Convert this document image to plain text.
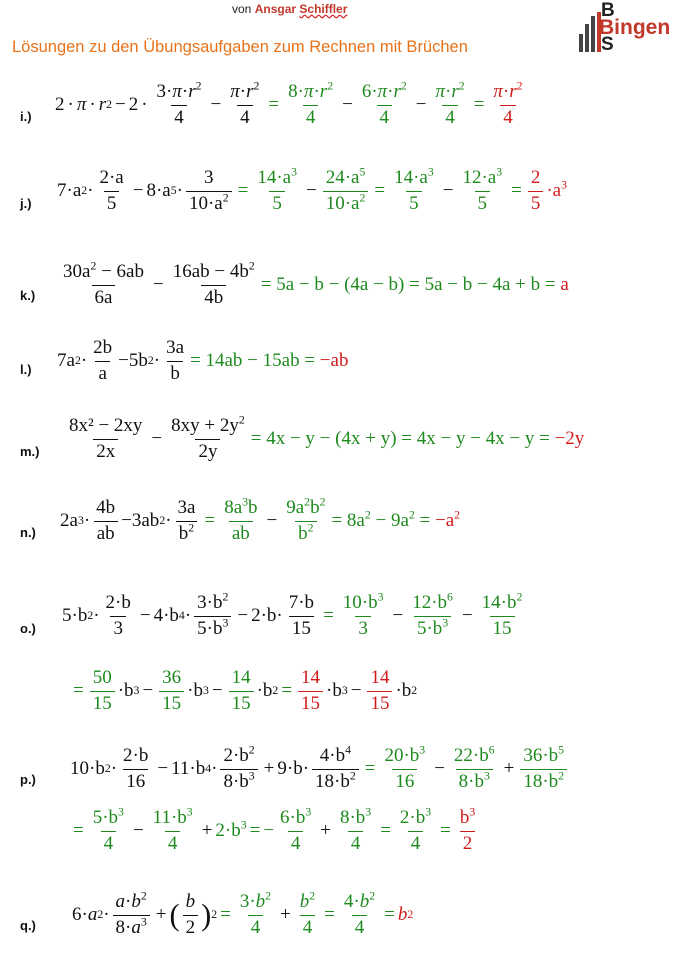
von Ansgar Schiffler
Lösungen zu den Übungsaufgaben zum Rechnen mit Brüchen
B
Bingen
S
i.)
2 · π · r $2 - 2 \cdot \frac{3\cdot\pi\cdot r^2}{4} - \frac{\pi\cdot r^2}{4} = \frac{8\cdot\pi\cdot r^2}{4} - \frac{6\cdot\pi\cdot r^2}{4} - \frac{\pi\cdot r^2}{4} = \frac{\pi\cdot r^2}{4}$
j.)
7·a $2 \cdot \frac{2\cdot a}{5} - 8\cdot a$ $5 \cdot \frac{3}{10\cdot a^2} = \frac{14\cdot a^3}{5} - \frac{24\cdot a^5}{10\cdot a^2} = \frac{14\cdot a^3}{5} - \frac{12\cdot a^3}{5} = \frac{2}{5} \cdot a^3$
$k.) \frac{30a^2 - 6ab}{6a} - \frac{16ab - 4b^2}{4b} = 5a - b - (4a - b) = 5a - b - 4a + b = a$
l.) 7a $2 \cdot \frac{2b}{a} -5b$ $2 \cdot \frac{3a}{b} = 14ab - 15ab = -ab$
$m.) \frac{\text{8x² − 2xy}}{2x} - \frac{8xy + 2y^2}{2y} = 4x - y - (4x + y) = 4x - y - 4x - y = -2y$
n.)
2a $3 \cdot \frac{4b}{ab} -3ab$ $2 \cdot \frac{3a}{b^2} = \frac{8a^3b}{ab} - \frac{9a^2b^2}{b^2} = 8a^2 - 9a^2 = -a^2$
o.)
5·b $2 \cdot \frac{2\cdot b}{3} - 4\cdot b$ $4 \cdot \frac{3\cdot b^2}{5\cdot b^3} - 2\cdot b\cdot \frac{7\cdot b}{15} = \frac{10\cdot b^3}{3} - \frac{12\cdot b^6}{5\cdot b^3} - \frac{14\cdot b^2}{15}$
= $\frac{50}{15} \cdot b$ $3 - \frac{36}{15} \cdot b$ $3 - \frac{14}{15} \cdot b$ $2 = \frac{14}{15} \cdot b$ $3 - \frac{14}{15} \cdot b$ 2
p.)
10·b $2 \cdot \frac{2\cdot b}{16} - 11\cdot b$ $4 \cdot \frac{2\cdot b^2}{8\cdot b^3} + 9\cdot b\cdot \frac{4\cdot b^4}{18\cdot b^2} = \frac{20\cdot b^3}{16} - \frac{22\cdot b^6}{8\cdot b^3} + \frac{36\cdot b^5}{18\cdot b^2}$
= $\frac{5\cdot b^3}{4} - \frac{11\cdot b^3}{4} + 2\cdot b^3$ = − $\frac{6\cdot b^3}{4} + \frac{8\cdot b^3}{4} = \frac{2\cdot b^3}{4} = \frac{b^3}{2}$
q.)
6· a $2 \cdot \frac{a\cdot b^2}{8\cdot a^3}$ + ( $\frac{b}{2}$ ) $2 = \frac{3\cdot b^2}{4} + \frac{b^2}{4} = \frac{4\cdot b^2}{4} = b$ 2
